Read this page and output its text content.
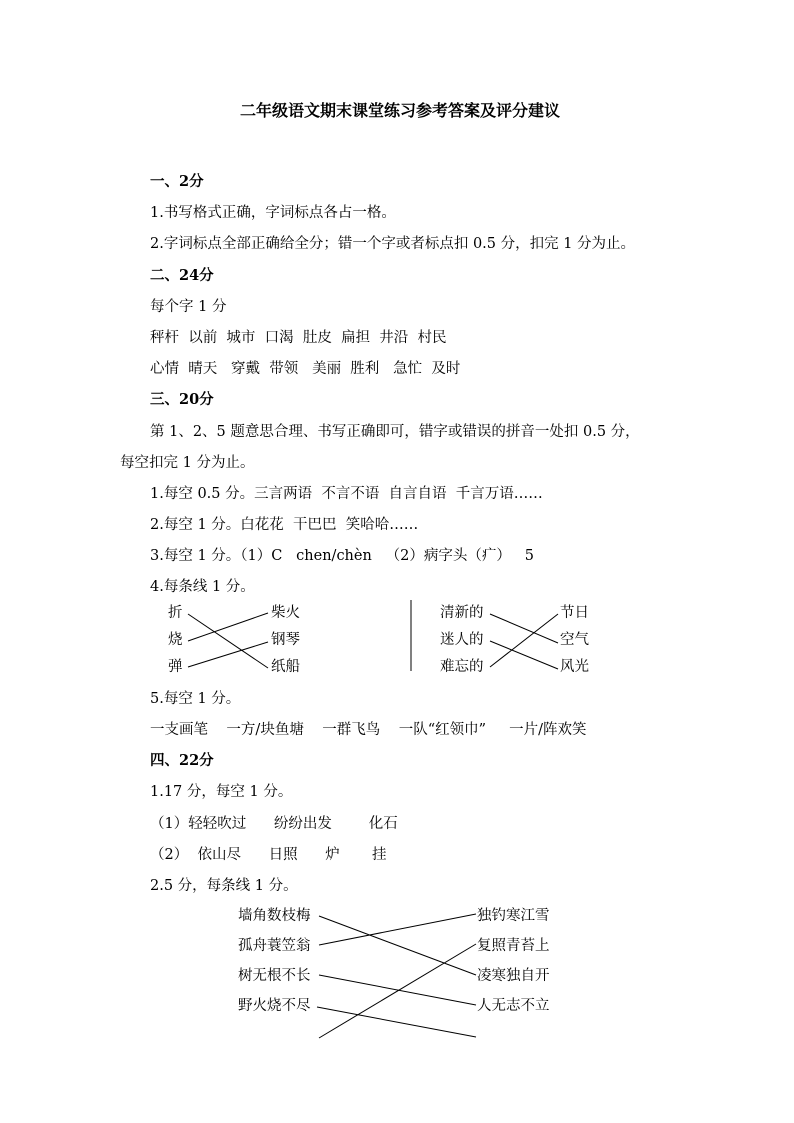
二年级语文期末课堂练习参考答案及评分建议
一、2分
1.书写格式正确，字词标点各占一格。
2.字词标点全部正确给全分；错一个字或者标点扣 0.5 分，扣完 1 分为止。
二、24分
每个字 1 分
秤杆  以前  城市  口渴  肚皮  扁担  井沿  村民
心情  晴天   穿戴  带领   美丽  胜利   急忙  及时
三、20分
第 1、2、5 题意思合理、书写正确即可，错字或错误的拼音一处扣 0.5 分，
每空扣完 1 分为止。
1.每空 0.5 分。三言两语  不言不语  自言自语  千言万语……
2.每空 1 分。白花花  干巴巴  笑哈哈……
3.每空 1 分。（1）C   chen/chèn   （2）病字头（疒）   5
4.每条线 1 分。
折
烧
弹
柴火
钢琴
纸船
清新的
迷人的
难忘的
节日
空气
风光
5.每空 1 分。
一支画笔    一方/块鱼塘    一群飞鸟    一队“红领巾”     一片/阵欢笑
四、22分
1.17 分，每空 1 分。
（1）轻轻吹过      纷纷出发        化石
（2）  依山尽      日照      炉       挂
2.5 分，每条线 1 分。
墙角数枝梅
孤舟蓑笠翁
树无根不长
野火烧不尽
独钓寒江雪
复照青苔上
凌寒独自开
人无志不立
